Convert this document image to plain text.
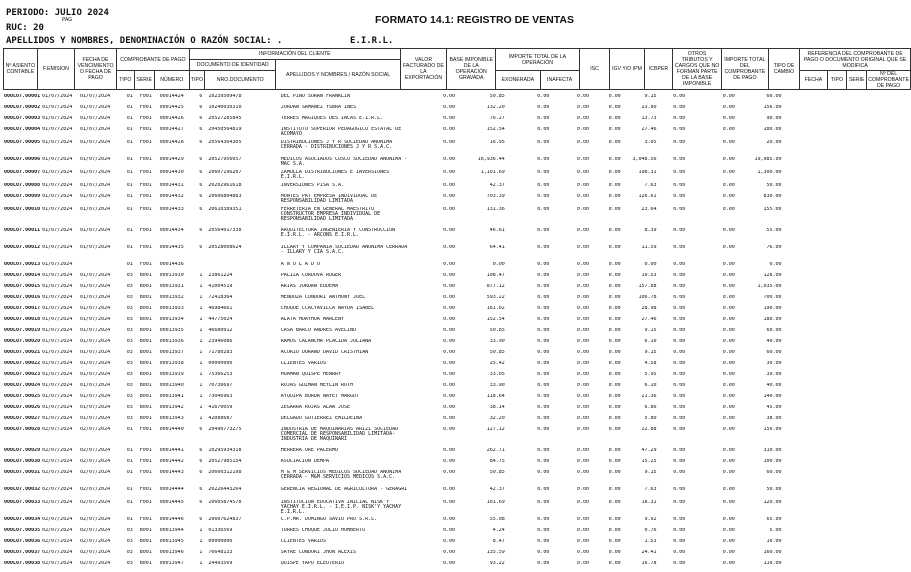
PERIODO: JULIO 2024
PAG
RUC: 20
APELLIDOS Y NOMBRES, DENOMINACIÓN O RAZÓN SOCIAL: .	E.I.R.L.
FORMATO 14.1: REGISTRO DE VENTAS
Nº ASIENTO CONTABLE	F.EMISION	FECHA DE VENCIMIENTO O FECHA DE PAGO	COMPROBANTE DE PAGO			INFORMACIÓN DEL CLIENTE			VALOR FACTURADO DE LA EXPORTACIÓN	BASE IMPONIBLE DE LA OPERACIÓN GRAVADA	IMPORTE TOTAL DE LA OPERACIÓN		ISC	IGV Y/O IPM	ICBPER	OTROS TRIBUTOS Y CARGOS QUE NO FORMAN PARTE DE LA BASE IMPONIBLE	IMPORTE TOTAL DEL COMPROBANTE DE PAGO	TIPO DE CAMBIO	REFERENCIA DEL COMPROBANTE DE PAGO O DOCUMENTO ORIGINAL QUE SE MODIFICA			
						DOCUMENTO DE IDENTIDAD		APELLIDOS Y NOMBRES / RAZÓN SOCIAL														
			TIPO	SERIE	NÚMERO	TIPO	NRO.DOCUMENTO				EXONERADA	INAFECTA							FECHA	TIPO	SERIE	Nº DEL COMPROBANTE DE PAGO
000L07.00001	01/07/2024	01/07/2024	01	F001	00014424	6	10239509478	DEL PINO SURAN FRANKLIN	0.00	50.85	0.00	0.00	0.00	9.15	0.00	0.00	60.00					
000L07.00002	01/07/2024	01/07/2024	01	F001	00014425	6	10240030310	JORDAN SAMANEZ YSBRA INES	0.00	132.20	0.00	0.00	0.00	23.80	0.00	0.00	156.00					
000L07.00003	01/07/2024	01/07/2024	01	F001	00014426	6	20527285845	TERRES MAGIQUES DES INCAS E.I.R.L.	0.00	76.27	0.00	0.00	0.00	13.73	0.00	0.00	90.00					
000L07.00004	01/07/2024	01/07/2024	01	F001	00014427	6	20450564819	INSTITUTO SUPERIOR PEDAGOGICO ESTATAL DE ACOMAYO	0.00	152.54	0.00	0.00	0.00	27.46	0.00	0.00	180.00					
000L07.00005	01/07/2024	01/07/2024	01	F001	00014428	6	20564364305	DISTRIBUCIONES J Y R SOCIEDAD ANONIMA CERRADA - DISTRIBUCIONES J Y R S.A.C.	0.00	16.95	0.00	0.00	0.00	3.05	0.00	0.00	20.00					
000L07.00006	01/07/2024	01/07/2024	01	F001	00014429	6	20527956057	MEDICOS ASOCIADOS CUSCO SOCIEDAD ANONIMA - MAC S.A.	0.00	16,936.44	0.00	0.00	0.00	3,048.56	0.00	0.00	19,985.00					
000L07.00007	01/07/2024	01/07/2024	01	F001	00014430	6	20607196207	ZAMOLLA DISTRIBUCIONES E INVERSIONES E.I.R.L.	0.00	1,101.69	0.00	0.00	0.00	198.31	0.00	0.00	1,300.00					
000L07.00008	01/07/2024	01/07/2024	01	F001	00014431	6	20202961618	INVERSIONES PISA S.A.	0.00	42.37	0.00	0.00	0.00	7.63	0.00	0.00	50.00					
000L07.00009	01/07/2024	01/07/2024	01	F001	00014432	6	20606804883	MONTES PAT EMPRESA INDIVIDUAL DE RESPONSABILIDAD LIMITADA	0.00	703.39	0.00	0.00	0.00	126.61	0.00	0.00	830.00					
000L07.00010	01/07/2024	01/07/2024	01	F001	00014433	6	20610389351	FERRETERIA EN GENERAL MAESTRITO CONSTRUCTOR EMPRESA INDIVIDUAL DE RESPONSABILIDAD LIMITADA	0.00	131.36	0.00	0.00	0.00	23.64	0.00	0.00	155.00					
000L07.00011	01/07/2024	01/07/2024	01	F001	00014434	6	20564017338	ARQUITECTURA INGENIERIA Y CONSTRUCCION E.I.R.L. - ARCONS E.I.R.L.	0.00	46.61	0.00	0.00	0.00	8.39	0.00	0.00	55.00					
000L07.00012	01/07/2024	01/07/2024	01	F001	00014435	6	20528008624	ILLARY Y COMPANIA SOCIEDAD ANONIMA CERRADA - ILLARY Y CIA S.A.C.	0.00	64.41	0.00	0.00	0.00	11.59	0.00	0.00	76.00					
000L07.00013	01/07/2024		01	F001	00014436			A N U L A D O	0.00	0.00	0.00	0.00	0.00	0.00	0.00	0.00	0.00					
000L07.00014	01/07/2024	01/07/2024	03	B001	00013930	1	23861224	PALIZA CORDOVA ROGER	0.00	108.47	0.00	0.00	0.00	19.53	0.00	0.00	128.00					
000L07.00015	01/07/2024	01/07/2024	03	B001	00013931	1	41004519	ARIAS JORDAN EDDEMA	0.00	877.12	0.00	0.00	0.00	157.88	0.00	0.00	1,035.00					
000L07.00016	01/07/2024	01/07/2024	03	B001	00013932	1	72418364	MENDOZA CONDORI ANTHONY JOEL	0.00	593.22	0.00	0.00	0.00	106.78	0.00	0.00	700.00					
000L07.00017	01/07/2024	01/07/2024	03	B001	00013933	1	46984661	CHOQUE CCACYAVILCA NAYDA ISABEL	0.00	161.02	0.00	0.00	0.00	28.98	0.00	0.00	190.00					
000L07.00018	01/07/2024	01/07/2024	03	B001	00013934	1	44775024	ALATA HUAYHUA MARLENY	0.00	152.54	0.00	0.00	0.00	27.46	0.00	0.00	180.00					
000L07.00019	01/07/2024	01/07/2024	03	B001	00013935	1	46680012	CASA BARCO ANDRES AVELINO	0.00	50.85	0.00	0.00	0.00	9.15	0.00	0.00	60.00					
000L07.00020	01/07/2024	01/07/2024	03	B001	00013936	1	23946086	RAMOS CALANCHA PLACIDA JULIANA	0.00	33.90	0.00	0.00	0.00	6.10	0.00	0.00	40.00					
000L07.00021	01/07/2024	01/07/2024	03	B001	00013937	1	71780283	ACURIO DURAND DAVID CRISTHIAN	0.00	50.85	0.00	0.00	0.00	9.15	0.00	0.00	60.00					
000L07.00022	01/07/2024	01/07/2024	03	B001	00013938	1	00000000	CLIENTES VARIOS	0.00	25.42	0.00	0.00	0.00	4.58	0.00	0.00	30.00					
000L07.00023	01/07/2024	01/07/2024	03	B001	00013939	1	75366253	HUAMAN QUISPE HENRRY	0.00	33.05	0.00	0.00	0.00	5.95	0.00	0.00	39.00					
000L07.00024	01/07/2024	01/07/2024	03	B001	00013940	1	70736697	ROJAS GUZMAN MEYLIN RUTH	0.00	33.90	0.00	0.00	0.00	6.10	0.00	0.00	40.00					
000L07.00025	01/07/2024	01/07/2024	03	B001	00013941	1	73046963	AYQUIPA BORDA NAYET MARGOT	0.00	118.64	0.00	0.00	0.00	21.36	0.00	0.00	140.00					
000L07.00026	01/07/2024	01/07/2024	03	B001	00013942	1	41670059	ZEGARRA ROJAS ALAN JOSE	0.00	38.14	0.00	0.00	0.00	6.86	0.00	0.00	45.00					
000L07.00027	01/07/2024	01/07/2024	03	B001	00013943	1	42088687	DELGADO GUTIERREZ EMILDEINA	0.00	32.20	0.00	0.00	0.00	5.80	0.00	0.00	38.00					
000L07.00028	02/07/2024	02/07/2024	01	F001	00014440	6	20490773275	INDUSTRIA DE MAQUINARIAS ARIZI SOCIEDAD COMERCIAL DE RESPONSABILIDAD LIMITADA-INDUSTRIA DE MAQUINARI	0.00	127.12	0.00	0.00	0.00	22.88	0.00	0.00	150.00					
000L07.00029	02/07/2024	02/07/2024	01	F001	00014441	6	10295934318	HERRERA ORE PALERMO	0.00	262.71	0.00	0.00	0.00	47.29	0.00	0.00	310.00					
000L07.00030	02/07/2024	02/07/2024	01	F001	00014442	6	20527985154	ASOCIACION DEMPA	0.00	84.75	0.00	0.00	0.00	15.25	0.00	0.00	100.00					
000L07.00031	02/07/2024	02/07/2024	01	F001	00014443	6	20600312198	M & M SERVICIOS MEDICOS SOCIEDAD ANONIMA CERRADA - M&M SERVICIOS MEDICOS S.A.C.	0.00	50.85	0.00	0.00	0.00	9.15	0.00	0.00	60.00					
000L07.00032	02/07/2024	02/07/2024	01	F001	00014444	6	20226443264	GERENCIA REGIONAL DE AGRICULTURA - GERAGRI	0.00	42.37	0.00	0.00	0.00	7.63	0.00	0.00	50.00					
000L07.00033	02/07/2024	02/07/2024	01	F001	00014445	6	20605874578	INSTITUCION EDUCATIVA INICIAL NISK'Y YACHAY E.I.R.L. - I.E.I.P. NISK'Y YACHAY E.I.R.L.	0.00	101.69	0.00	0.00	0.00	18.31	0.00	0.00	120.00					
000L07.00034	02/07/2024	02/07/2024	01	F001	00014446	6	20607624837	C.P.MR. DOMINGO SAVIO PRO S.R.L.	0.00	55.08	0.00	0.00	0.00	9.92	0.00	0.00	65.00					
000L07.00035	02/07/2024	02/07/2024	03	B001	00013944	1	01336569	TORRES CHOQUE JULIO HUMBERTO	0.00	4.24	0.00	0.00	0.00	0.76	0.00	0.00	5.00					
000L07.00036	02/07/2024	02/07/2024	03	B001	00013945	1	00000000	CLIENTES VARIOS	0.00	8.47	0.00	0.00	0.00	1.53	0.00	0.00	10.00					
000L07.00037	02/07/2024	02/07/2024	03	B001	00013946	1	76648133	SAYRE CONDORI JHON ALEXIS	0.00	135.59	0.00	0.00	0.00	24.41	0.00	0.00	160.00					
000L07.00038	02/07/2024	02/07/2024	03	B001	00013947	1	24493569	QUISPE YAPO ELEUTERIO	0.00	93.22	0.00	0.00	0.00	16.78	0.00	0.00	110.00					
